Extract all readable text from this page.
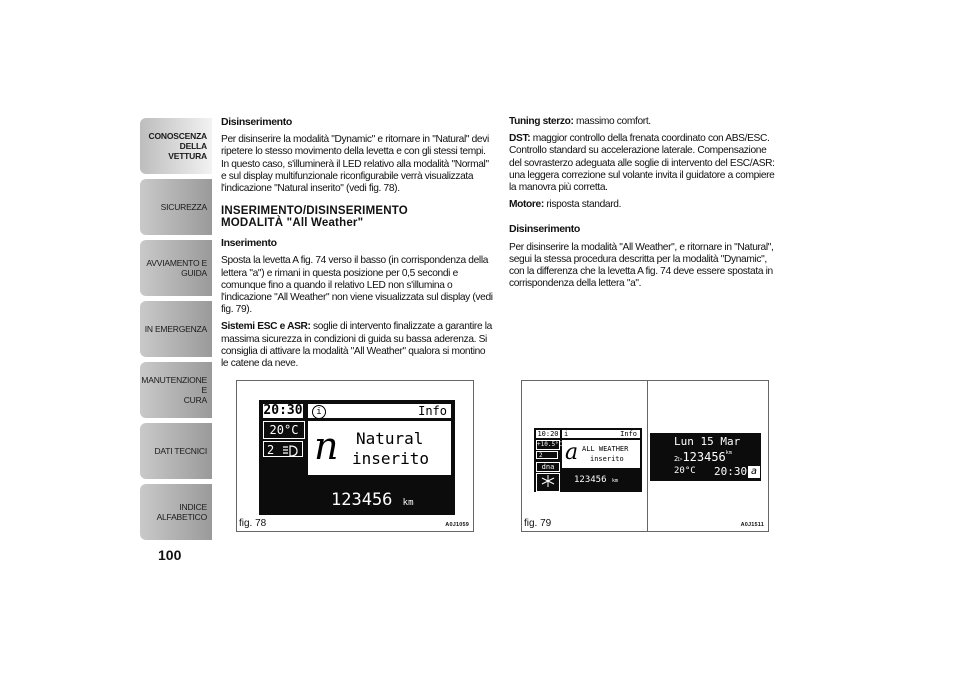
CONOSCENZA
DELLA VETTURA
SICUREZZA
AVVIAMENTO E
GUIDA
IN EMERGENZA
MANUTENZIONE E
CURA
DATI TECNICI
INDICE ALFABETICO
100
Disinserimento

Per disinserire la modalità "Dynamic" e ritornare in "Natural" devi ripetere lo stesso movimento della levetta e con gli stessi tempi. In questo caso, s'illuminerà il LED relativo alla modalità "Normal" e sul display multifunzionale riconfigurabile verrà visualizzata l'indicazione "Natural inserito" (vedi fig. 78).

INSERIMENTO/DISINSERIMENTO
MODALITÀ "All Weather"
Inserimento

Sposta la levetta A fig. 74 verso il basso (in corrispondenza della lettera "a") e rimani in questa posizione per 0,5 secondi e comunque fino a quando il relativo LED non s'illumina o l'indicazione "All Weather" non viene visualizzata sul display (vedi fig. 79).

Sistemi ESC e ASR: soglie di intervento finalizzate a garantire la massima sicurezza in condizioni di guida su bassa aderenza. Si consiglia di attivare la modalità "All Weather" qualora si montino le catene da neve.

Tuning sterzo: massimo comfort.

DST: maggior controllo della frenata coordinato con ABS/ESC. Controllo standard su accelerazione laterale. Compensazione del sovrasterzo adeguata alle soglie di intervento del ESC/ASR: una leggera correzione sul volante invita il guidatore a compiere la manovra più corretta.

Motore: risposta standard.

Disinserimento

Per disinserire la modalità "All Weather", e ritornare in "Natural", segui la stessa procedura descritta per la modalità "Dynamic", con la differenza che la levetta A fig. 74 deve essere spostata in corrispondenza della lettera "a".

20:30	i	Info
20°C
2	n Natural
inserito
123456 km
fig. 78	A0J1059
10:20 i	Info
+10.5°C
2
dna
a ALL WEATHER
inserito
123456 km
Lun 15 Mar
$2▷123456^{km}$
20°C 20:30 a
fig. 79	A0J1511
